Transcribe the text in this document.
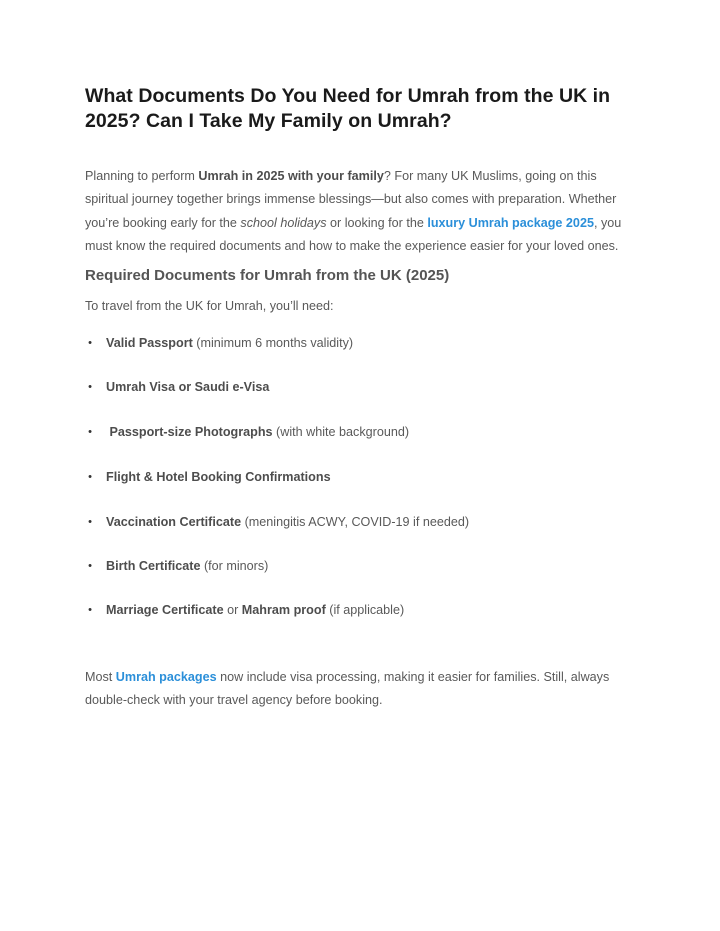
What Documents Do You Need for Umrah from the UK in 2025? Can I Take My Family on Umrah?

Planning to perform Umrah in 2025 with your family? For many UK Muslims, going on this spiritual journey together brings immense blessings—but also comes with preparation. Whether you’re booking early for the school holidays or looking for the luxury Umrah package 2025, you must know the required documents and how to make the experience easier for your loved ones.

Required Documents for Umrah from the UK (2025)

To travel from the UK for Umrah, you’ll need:

• Valid Passport (minimum 6 months validity)
• Umrah Visa or Saudi e-Visa
• Passport-size Photographs (with white background)
• Flight & Hotel Booking Confirmations
• Vaccination Certificate (meningitis ACWY, COVID-19 if needed)
• Birth Certificate (for minors)
• Marriage Certificate or Mahram proof (if applicable)

Most Umrah packages now include visa processing, making it easier for families. Still, always double-check with your travel agency before booking.
